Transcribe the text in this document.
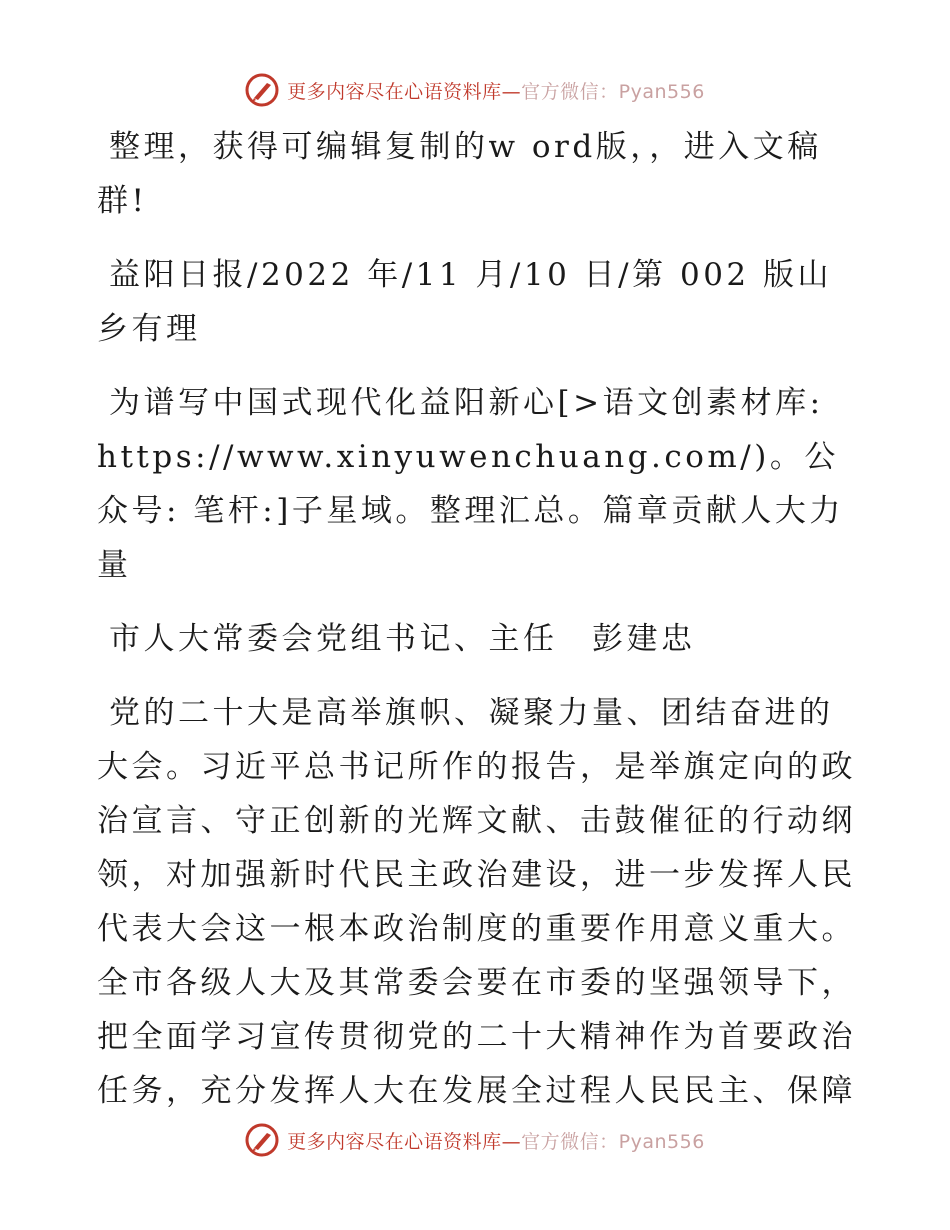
更多内容尽在心语资料库—官方微信：Pyan556

整理，获得可编辑复制的w ord版，，进入文稿群!

益阳日报/2022 年/11 月/10 日/第 002 版山乡有理

为谱写中国式现代化益阳新心[>语文创素材库: https://www.xinyuwenchuang.com/)。公众号: 笔杆:]子星域。整理汇总。篇章贡献人大力量

市人大常委会党组书记、主任　彭建忠

党的二十大是高举旗帜、凝聚力量、团结奋进的大会。习近平总书记所作的报告，是举旗定向的政治宣言、守正创新的光辉文献、击鼓催征的行动纲领，对加强新时代民主政治建设，进一步发挥人民代表大会这一根本政治制度的重要作用意义重大。全市各级人大及其常委会要在市委的坚强领导下，把全面学习宣传贯彻党的二十大精神作为首要政治任务，充分发挥人大在发展全过程人民民主、保障

更多内容尽在心语资料库—官方微信：Pyan556
